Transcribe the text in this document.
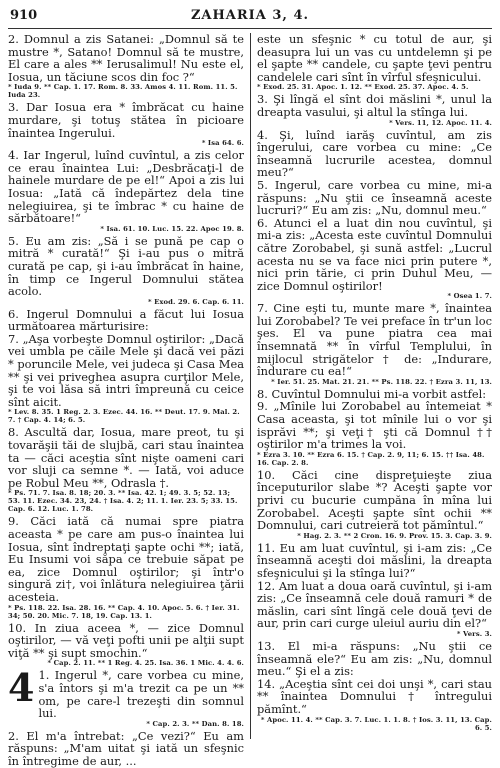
910	ZAHARIA 3, 4.

2. Domnul a zis Satanei: „Domnul să te mustre *, Satano! Domnul să te mustre, El care a ales ** Ierusalimul! Nu este el, Iosua, un tăciune scos din foc ?“

* Iuda 9. ** Cap. 1. 17. Rom. 8. 33. Amos 4. 11. Rom. 11. 5. Iuda 23.

3. Dar Iosua era * îmbrăcat cu haine murdare, şi totuş stătea în picioare înaintea Ingerului.

* Isa 64. 6.

4. Iar Ingerul, luînd cuvîntul, a zis celor ce erau înaintea Lui: „Desbrăcaţi-l de hainele murdare de pe el!“ Apoi a zis lui Iosua: „Iată că îndepărtez dela tine nelegiuirea, şi te îmbrac * cu haine de sărbătoare!“

* Isa. 61. 10. Luc. 15. 22. Apoc 19. 8.

5. Eu am zis: „Să i se pună pe cap o mitră * curată!“ Şi i-au pus o mitră curată pe cap, şi i-au îmbrăcat în haine, în timp ce Ingerul Domnului stătea acolo.

* Exod. 29. 6. Cap. 6. 11.

6. Ingerul Domnului a făcut lui Iosua următoarea mărturisire:

7. „Aşa vorbeşte Domnul oştirilor: „Dacă vei umbla pe căile Mele şi dacă vei păzi * poruncile Mele, vei judeca şi Casa Mea ** şi vei priveghea asupra curţilor Mele, şi te voi lăsa să intri împreună cu ceice sînt aicit.

* Lev. 8. 35. 1 Reg. 2. 3. Ezec. 44. 16. ** Deut. 17. 9. Mal. 2. 7. † Cap. 4. 14; 6. 5.

8. Ascultă dar, Iosua, mare preot, tu şi tovarăşii tăi de slujbă, cari stau înaintea ta — căci aceştia sînt nişte oameni cari vor sluji ca semne *. — Iată, voi aduce pe Robul Meu **, Odrasla †.

* Ps. 71. 7. Isa. 8. 18; 20. 3. ** Isa. 42. 1; 49. 3. 5; 52. 13; 53. 11. Ezec. 34. 23, 24. † Isa. 4. 2; 11. 1. Ier. 23. 5; 33. 15. Cap. 6. 12. Luc. 1. 78.

9. Căci iată că numai spre piatra aceasta * pe care am pus-o înaintea lui Iosua, sînt îndreptaţi şapte ochi **; iată, Eu Insumi voi săpa ce trebuie săpat pe ea, zice Domnul oştirilor; şi într'o singură zi†, voi înlătura nelegiuirea ţării acesteia.

* Ps. 118. 22. Isa. 28. 16. ** Cap. 4. 10. Apoc. 5. 6. † Ier. 31. 34; 50. 20. Mic. 7. 18, 19. Cap. 13. 1.

10. In ziua aceea *, — zice Domnul oştirilor, — vă veţi pofti unii pe alţii supt viţă ** şi supt smochin.“

* Cap. 2. 11. ** 1 Reg. 4. 25. Isa. 36. 1 Mic. 4. 4. 6.

4 1. Ingerul *, care vorbea cu mine, s'a întors şi m'a trezit ca pe un ** om, pe care-l trezeşti din somnul lui.

* Cap. 2. 3. ** Dan. 8. 18.

2. El m'a întrebat: „Ce vezi?“ Eu am răspuns: „M'am uitat şi iată un sfeşnic în întregime de aur, ...

este un sfeşnic * cu totul de aur, şi deasupra lui un vas cu untdelemn şi pe el şapte ** candele, cu şapte ţevi pentru candelele cari sînt în vîrful sfeşnicului.

* Exod. 25. 31. Apoc. 1. 12. ** Exod. 25. 37. Apoc. 4. 5.

3. Şi lîngă el sînt doi măslini *, unul la dreapta vasului, şi altul la stînga lui.

* Vers. 11, 12. Apoc. 11. 4.

4. Şi, luînd iarăş cuvîntul, am zis îngerului, care vorbea cu mine: „Ce înseamnă lucrurile acestea, domnul meu?“

5. Ingerul, care vorbea cu mine, mi-a răspuns: „Nu ştii ce înseamnă aceste lucruri?“ Eu am zis: „Nu, domnul meu.“

6. Atunci el a luat din nou cuvîntul, şi mi-a zis: „Acesta este cuvîntul Domnului către Zorobabel, şi sună astfel: „Lucrul acesta nu se va face nici prin putere *, nici prin tărie, ci prin Duhul Meu, — zice Domnul oştirilor!

* Osea 1. 7.

7. Cine eşti tu, munte mare *, înaintea lui Zorobabel? Te vei preface în tr'un loc şes. El va pune piatra cea mai însemnată ** în vîrful Templului, în mijlocul strigătelor † de: „Indurare, îndurare cu ea!“

* Ier. 51. 25. Mat. 21. 21. ** Ps. 118. 22. † Ezra 3. 11, 13.

8. Cuvîntul Domnului mi-a vorbit astfel:

9. „Mînile lui Zorobabel au întemeiat * Casa aceasta, şi tot mînile lui o vor şi isprăvi **; şi veţi† şti că Domnul †† oştirilor m'a trimes la voi.

* Ezra 3. 10. ** Ezra 6. 15. † Cap. 2. 9, 11; 6. 15. †† Isa. 48. 16. Cap. 2. 8.

10. Căci cine dispreţuieşte ziua începuturilor slabe *? Aceşti şapte vor privi cu bucurie cumpăna în mîna lui Zorobabel. Aceşti şapte sînt ochii ** Domnului, cari cutreieră tot pămîntul.“

* Hag. 2. 3. ** 2 Cron. 16. 9. Prov. 15. 3. Cap. 3. 9.

11. Eu am luat cuvîntul, şi i-am zis: „Ce înseamnă aceşti doi măslini, la dreapta sfeşnicului şi la stînga lui?“

12. Am luat a doua oară cuvîntul, şi i-am zis: „Ce înseamnă cele două ramuri * de măslin, cari sînt lîngă cele două ţevi de aur, prin cari curge uleiul auriu din el?“

* Vers. 3.

13. El mi-a răspuns: „Nu ştii ce înseamnă ele?“ Eu am zis: „Nu, domnul meu.“ Şi el a zis:

14. „Aceştia sînt cei doi unşi *, cari stau ** înaintea Domnului † întregului pămînt.“

* Apoc. 11. 4. ** Cap. 3. 7. Luc. 1. 1. 8. † Ios. 3. 11, 13. Cap. 6. 5.
